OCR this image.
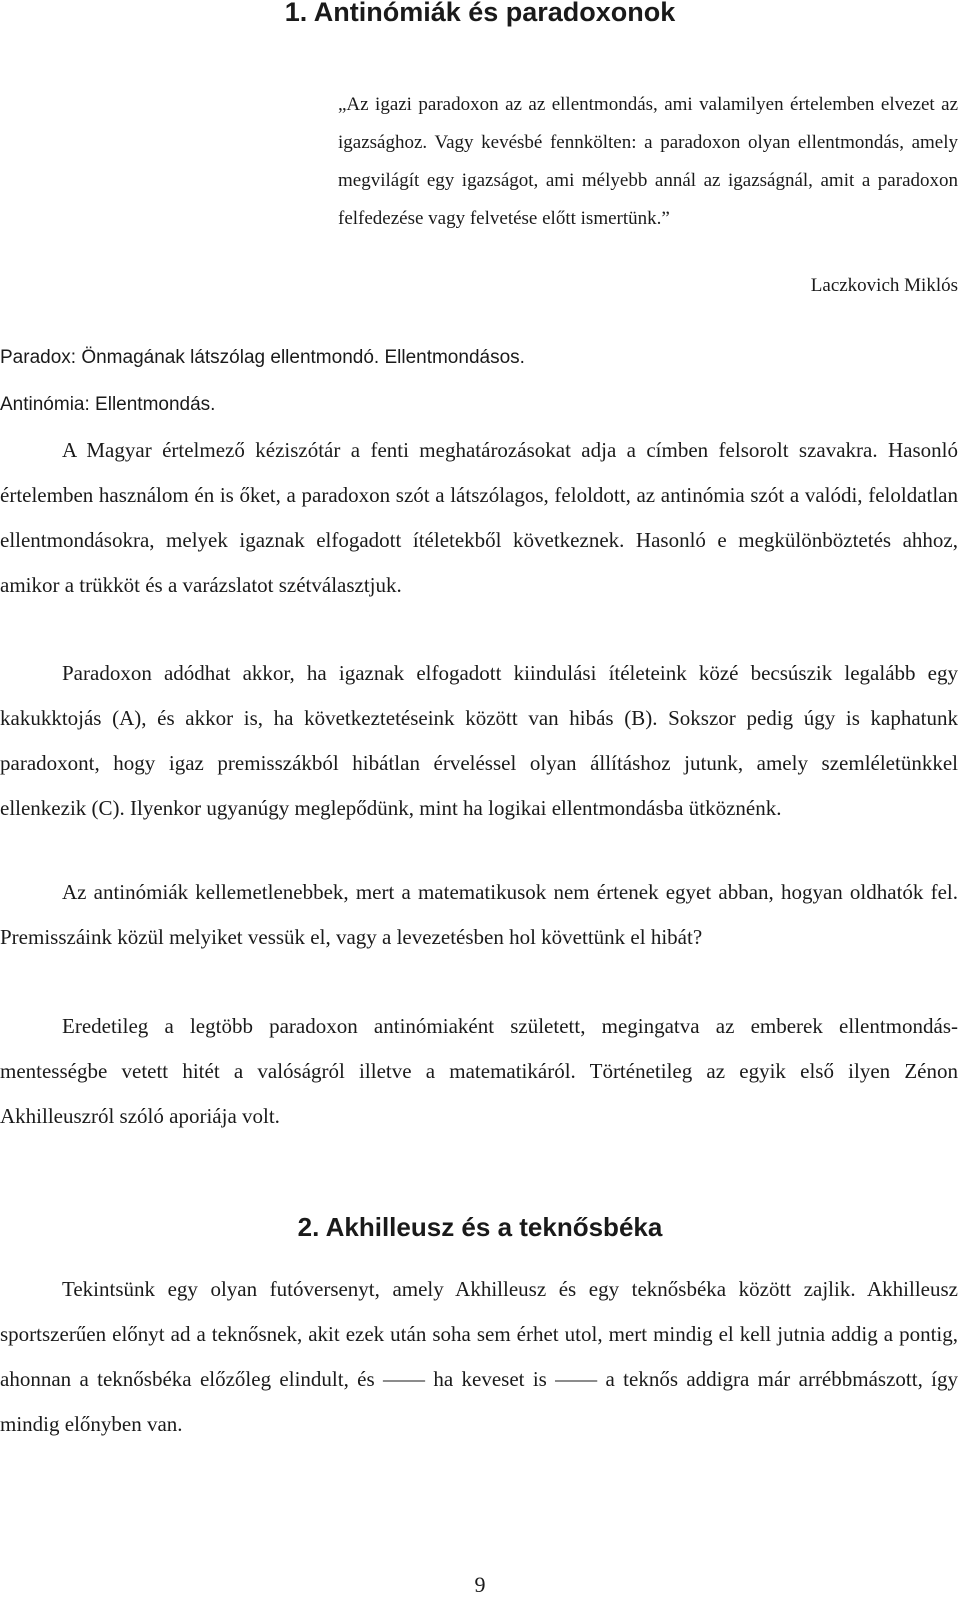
1. Antinómiák és paradoxonok

„Az igazi paradoxon az az ellentmondás, ami valamilyen értelemben elvezet az igazsághoz. Vagy kevésbé fennkölten: a paradoxon olyan ellentmondás, amely megvilágít egy igazságot, ami mélyebb annál az igazságnál, amit a paradoxon felfedezése vagy felvetése előtt ismertünk.”

Laczkovich Miklós

Paradox: Önmagának látszólag ellentmondó. Ellentmondásos.

Antinómia: Ellentmondás.

A Magyar értelmező kéziszótár a fenti meghatározásokat adja a címben felsorolt szavakra. Hasonló értelemben használom én is őket, a paradoxon szót a látszólagos, feloldott, az antinómia szót a valódi, feloldatlan ellentmondásokra, melyek igaznak elfogadott ítéletekből következnek. Hasonló e megkülönböztetés ahhoz, amikor a trükköt és a varázslatot szétválasztjuk.

Paradoxon adódhat akkor, ha igaznak elfogadott kiindulási ítéleteink közé becsúszik legalább egy kakukktojás (A), és akkor is, ha következtetéseink között van hibás (B). Sokszor pedig úgy is kaphatunk paradoxont, hogy igaz premisszákból hibátlan érveléssel olyan állításhoz jutunk, amely szemléletünkkel ellenkezik (C). Ilyenkor ugyanúgy meglepődünk, mint ha logikai ellentmondásba ütköznénk.

Az antinómiák kellemetlenebbek, mert a matematikusok nem értenek egyet abban, hogyan oldhatók fel. Premisszáink közül melyiket vessük el, vagy a levezetésben hol követtünk el hibát?

Eredetileg a legtöbb paradoxon antinómiaként született, megingatva az emberek ellentmondás-mentességbe vetett hitét a valóságról illetve a matematikáról. Történetileg az egyik első ilyen Zénon Akhilleuszról szóló aporiája volt.

2. Akhilleusz és a teknősbéka

Tekintsünk egy olyan futóversenyt, amely Akhilleusz és egy teknősbéka között zajlik. Akhilleusz sportszerűen előnyt ad a teknősnek, akit ezek után soha sem érhet utol, mert mindig el kell jutnia addig a pontig, ahonnan a teknősbéka előzőleg elindult, és —— ha keveset is —— a teknős addigra már arrébbmászott, így mindig előnyben van.

9
